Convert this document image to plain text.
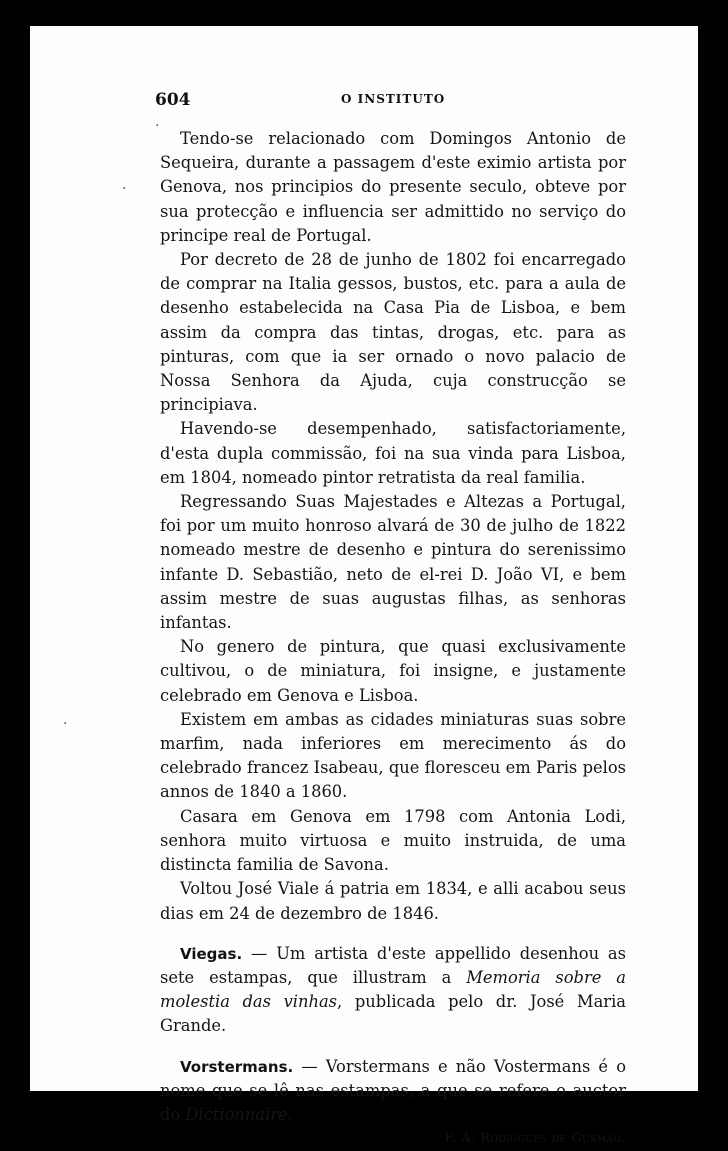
·
·
·
604	O INSTITUTO

Tendo-se relacionado com Domingos Antonio de Sequeira, durante a passagem d'este eximio artista por Genova, nos principios do presente seculo, obteve por sua protecção e influencia ser admittido no serviço do principe real de Portugal.

Por decreto de 28 de junho de 1802 foi encarregado de comprar na Italia gessos, bustos, etc. para a aula de desenho estabelecida na Casa Pia de Lisboa, e bem assim da compra das tintas, drogas, etc. para as pinturas, com que ia ser ornado o novo palacio de Nossa Senhora da Ajuda, cuja construcção se principiava.

Havendo-se desempenhado, satisfactoriamente, d'esta dupla commissão, foi na sua vinda para Lisboa, em 1804, nomeado pintor retratista da real familia.

Regressando Suas Majestades e Altezas a Portugal, foi por um muito honroso alvará de 30 de julho de 1822 nomeado mestre de desenho e pintura do serenissimo infante D. Sebastião, neto de el-rei D. João VI, e bem assim mestre de suas augustas filhas, as senhoras infantas.

No genero de pintura, que quasi exclusivamente cultivou, o de miniatura, foi insigne, e justamente celebrado em Genova e Lisboa.

Existem em ambas as cidades miniaturas suas sobre marfim, nada inferiores em merecimento ás do celebrado francez Isabeau, que floresceu em Paris pelos annos de 1840 a 1860.

Casara em Genova em 1798 com Antonia Lodi, senhora muito virtuosa e muito instruida, de uma distincta familia de Savona.

Voltou José Viale á patria em 1834, e alli acabou seus dias em 24 de dezembro de 1846.

Viegas. — Um artista d'este appellido desenhou as sete estampas, que illustram a Memoria sobre a molestia das vinhas, publicada pelo dr. José Maria Grande.

Vorstermans. — Vorstermans e não Vostermans é o nome que se lê nas estampas, a que se refere o auctor do Dictionnaire.

F. A. Rodrigues de Gusmão.
